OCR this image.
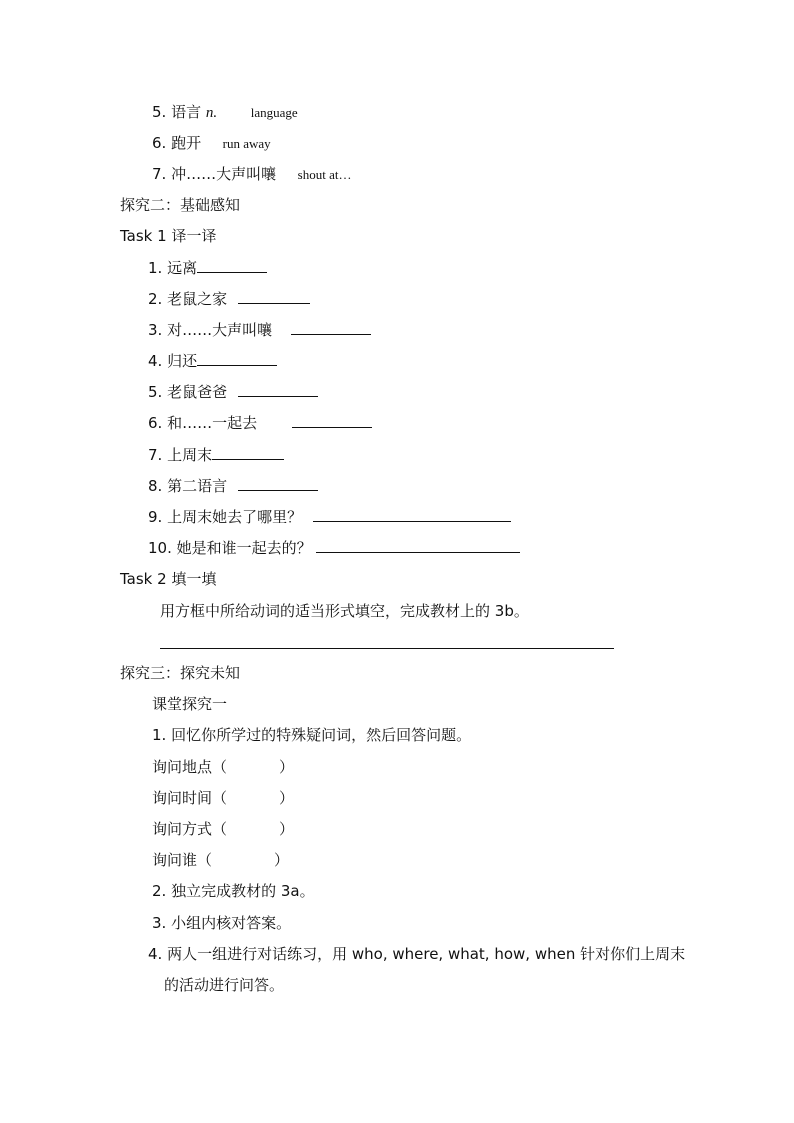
5. 语言 n.	language
6. 跑开 run away
7. 冲……大声叫嚷 shout at…
探究二：基础感知
Task 1 译一译
1. 远离
2. 老鼠之家
3. 对……大声叫嚷
4. 归还
5. 老鼠爸爸
6. 和……一起去
7. 上周末
8. 第二语言
9. 上周末她去了哪里？
10. 她是和谁一起去的？
Task 2 填一填
用方框中所给动词的适当形式填空，完成教材上的 3b。
探究三：探究未知
课堂探究一
1. 回忆你所学过的特殊疑问词，然后回答问题。
询问地点（	）
询问时间（	）
询问方式（	）
询问谁（	）
2. 独立完成教材的 3a。
3. 小组内核对答案。
4. 两人一组进行对话练习，用 who, where, what, how, when 针对你们上周末
的活动进行问答。
